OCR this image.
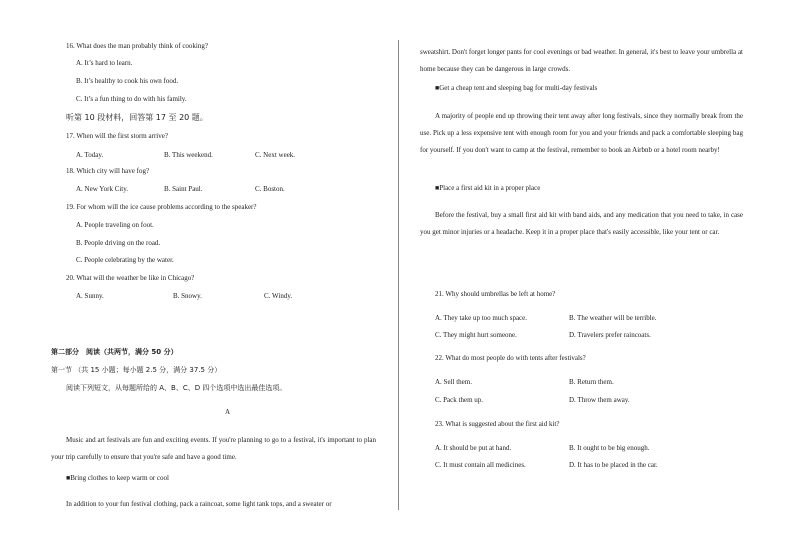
16. What does the man probably think of cooking?
A. It’s hard to learn.
B. It’s healthy to cook his own food.
C. It’s a fun thing to do with his family.
听第 10 段材料，回答第 17 至 20 题。
17. When will the first storm arrive?
A. Today.	B. This weekend.	C. Next week.
18. Which city will have fog?
A. New York City.	B. Saint Paul.	C. Boston.
19. For whom will the ice cause problems according to the speaker?
A. People traveling on foot.
B. People driving on the road.
C. People celebrating by the water.
20. What will the weather be like in Chicago?
A. Sunny.	B. Snowy.	C. Windy.
第二部分　阅读（共两节，满分 50 分）
第一节 （共 15 小题；每小题 2.5 分，满分 37.5 分）
阅读下列短文，从每题所给的 A、B、C、D 四个选项中选出最佳选项。
A
Music and art festivals are fun and exciting events. If you're planning to go to a festival, it's important to plan your trip carefully to ensure that you're safe and have a good time.
■Bring clothes to keep warm or cool
In addition to your fun festival clothing, pack a raincoat, some light tank tops, and a sweater or
sweatshirt. Don't forget longer pants for cool evenings or bad weather. In general, it's best to leave your umbrella at home because they can be dangerous in large crowds.
■Get a cheap tent and sleeping bag for multi-day festivals
A majority of people end up throwing their tent away after long festivals, since they normally break from the use. Pick up a less expensive tent with enough room for you and your friends and pack a comfortable sleeping bag for yourself. If you don't want to camp at the festival, remember to book an Airbnb or a hotel room nearby!
■Place a first aid kit in a proper place
Before the festival, buy a small first aid kit with band aids, and any medication that you need to take, in case you get minor injuries or a headache. Keep it in a proper place that's easily accessible, like your tent or car.
21. Why should umbrellas be left at home?
A. They take up too much space.	B. The weather will be terrible.
C. They might hurt someone.	D. Travelers prefer raincoats.
22. What do most people do with tents after festivals?
A. Sell them.	B. Return them.
C. Pack them up.	D. Throw them away.
23. What is suggested about the first aid kit?
A. It should be put at hand.	B. It ought to be big enough.
C. It must contain all medicines.	D. It has to be placed in the car.
